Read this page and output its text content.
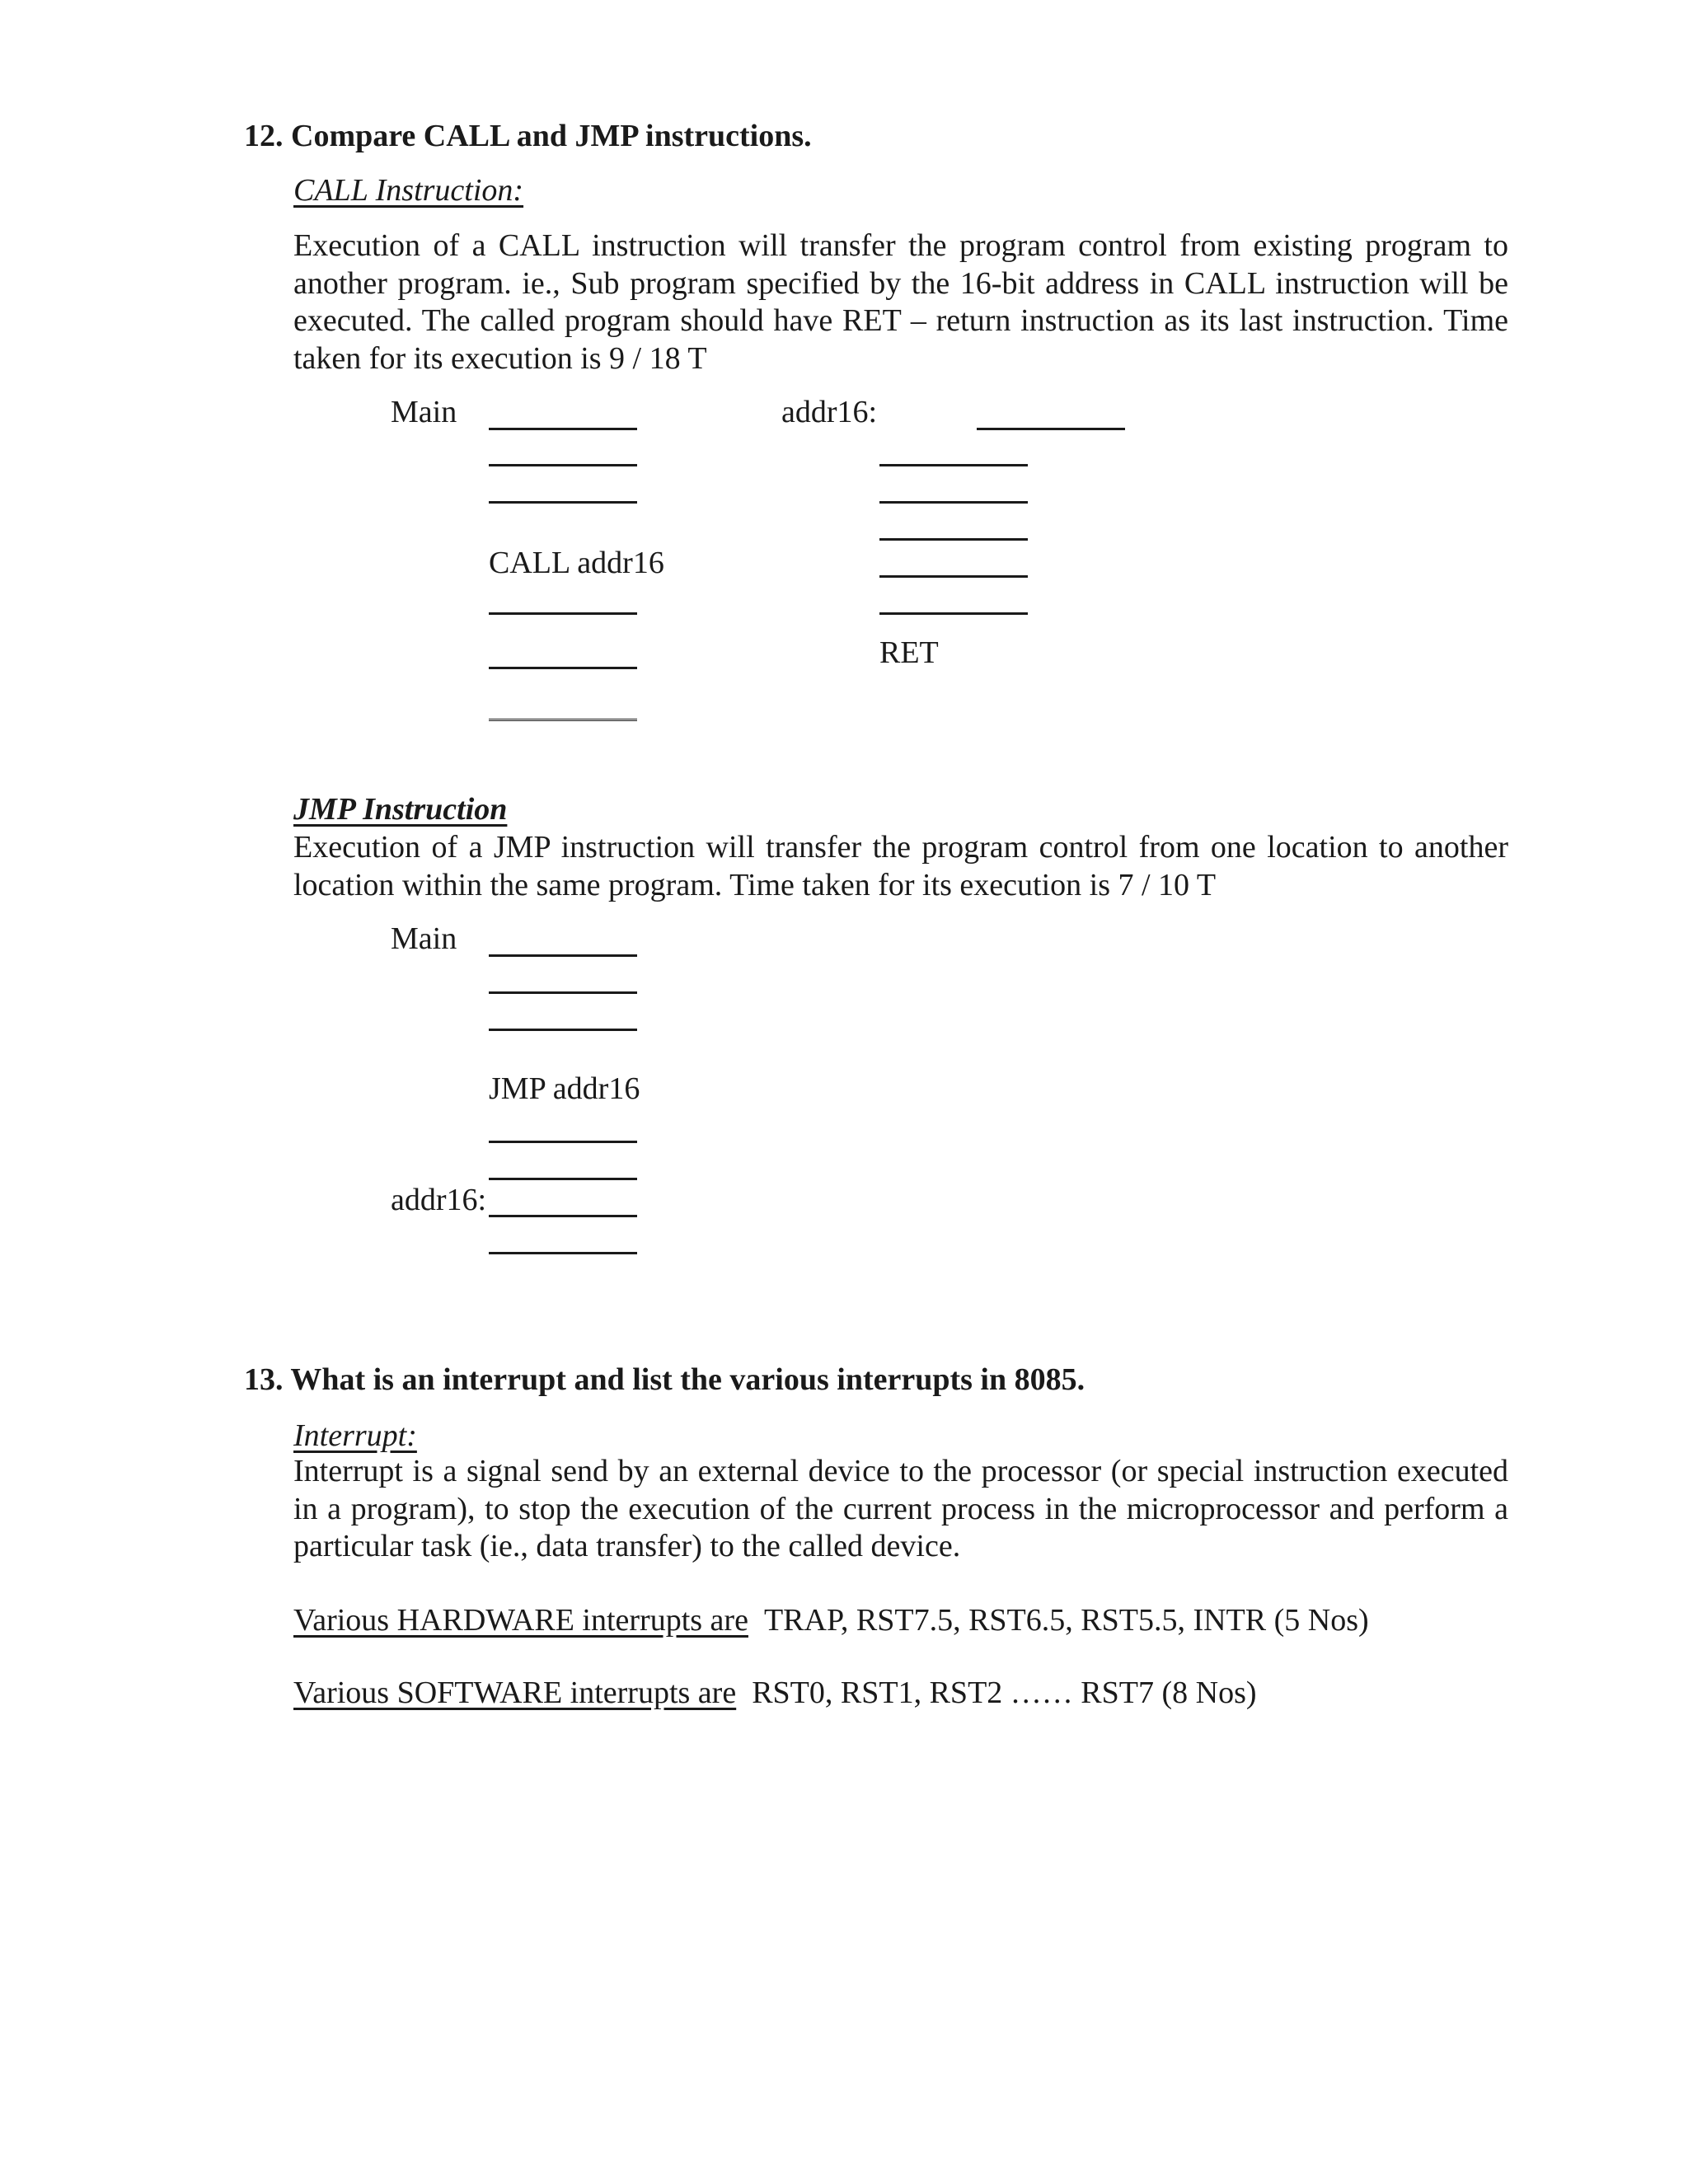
12. Compare CALL and JMP instructions.
CALL Instruction:
Execution of a CALL instruction will transfer the program control from existing program to another program. ie., Sub program specified by the 16-bit address in CALL instruction will be executed. The called program should have RET – return instruction as its last instruction. Time taken for its execution is 9 / 18 T
Main
CALL addr16
addr16:
RET
JMP Instruction
Execution of a JMP instruction will transfer the program control from one location to another location within the same program. Time taken for its execution is 7 / 10 T
Main
JMP addr16
addr16:
13. What is an interrupt and list the various interrupts in 8085.
Interrupt:
Interrupt is a signal send by an external device to the processor (or special instruction executed in a program), to stop the execution of the current process in the microprocessor and perform a particular task (ie., data transfer) to the called device.
Various HARDWARE interrupts are TRAP, RST7.5, RST6.5, RST5.5, INTR (5 Nos)
Various SOFTWARE interrupts are RST0, RST1, RST2 …… RST7 (8 Nos)
